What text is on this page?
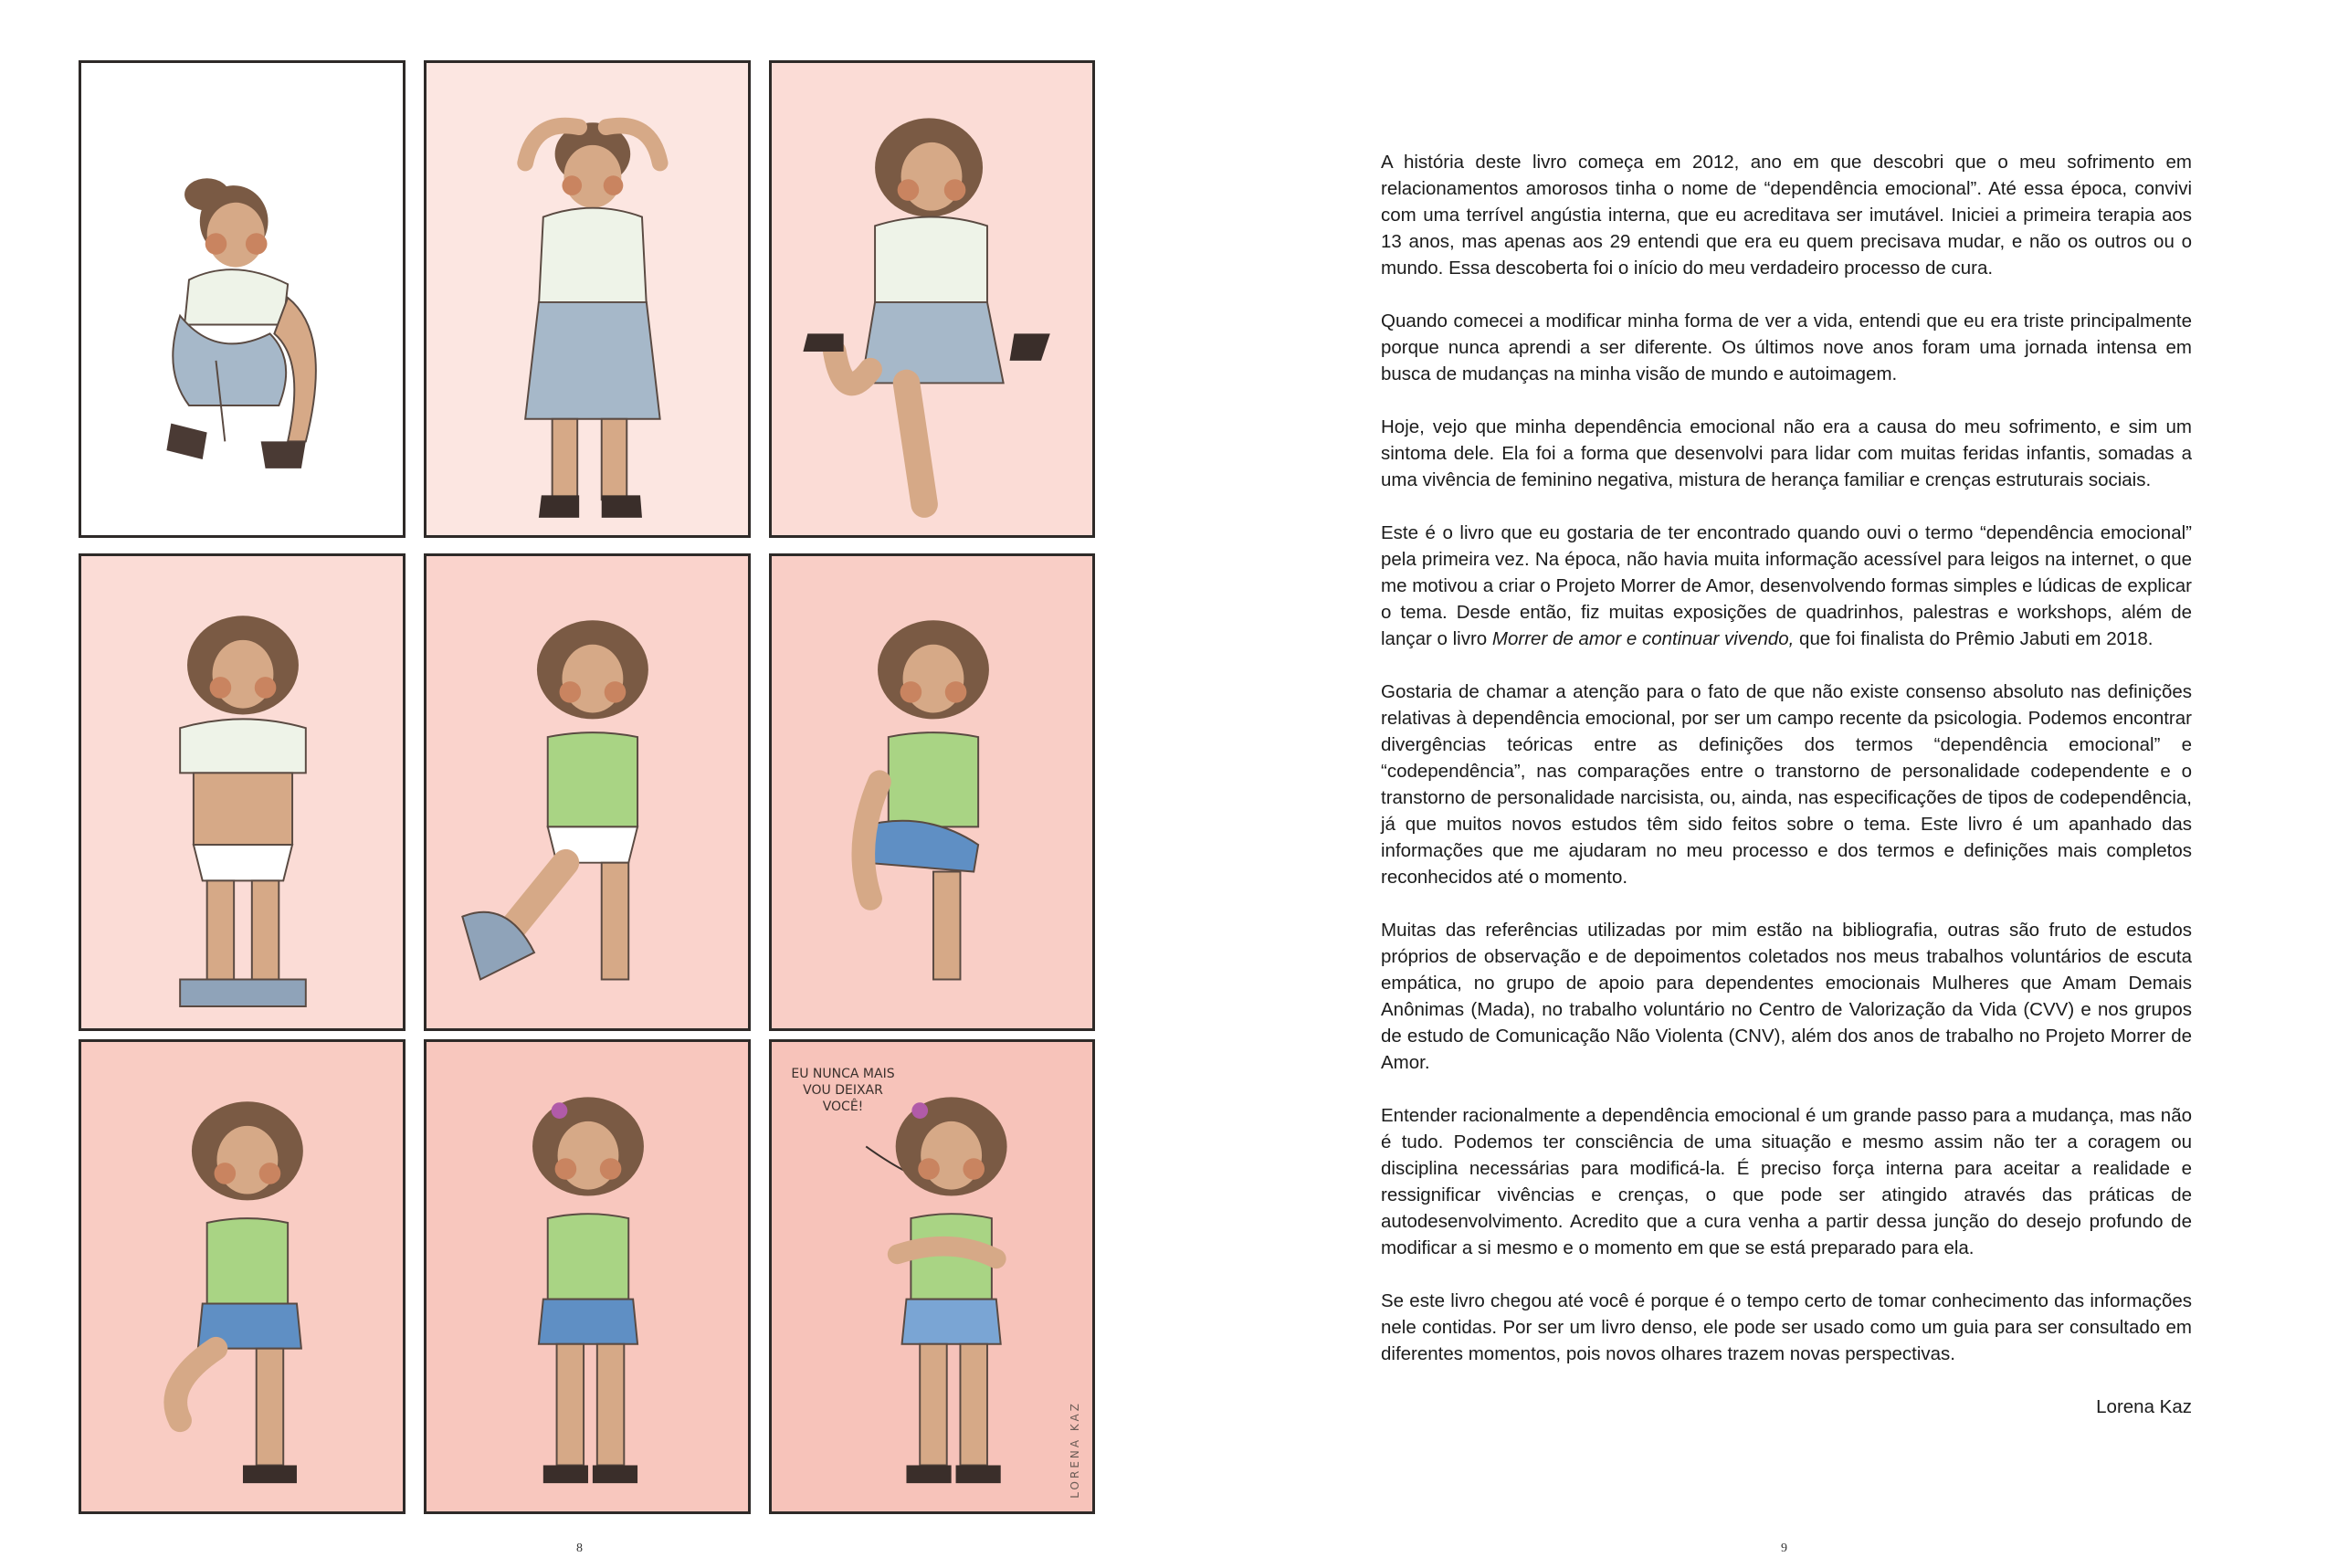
EU NUNCA MAIS VOU DEIXAR VOCÊ!
LORENA KAZ
8

A história deste livro começa em 2012, ano em que descobri que o meu sofrimento em relacionamentos amorosos tinha o nome de “dependência emocional”. Até essa época, convivi com uma terrível angústia interna, que eu acreditava ser imutável. Iniciei a primeira terapia aos 13 anos, mas apenas aos 29 entendi que era eu quem precisava mudar, e não os outros ou o mundo. Essa descoberta foi o início do meu verdadeiro processo de cura.

Quando comecei a modificar minha forma de ver a vida, entendi que eu era triste principalmente porque nunca aprendi a ser diferente. Os últimos nove anos foram uma jornada intensa em busca de mudanças na minha visão de mundo e autoimagem.

Hoje, vejo que minha dependência emocional não era a causa do meu sofrimento, e sim um sintoma dele. Ela foi a forma que desenvolvi para lidar com muitas feridas infantis, somadas a uma vivência de feminino negativa, mistura de herança familiar e crenças estruturais sociais.

Este é o livro que eu gostaria de ter encontrado quando ouvi o termo “dependência emocional” pela primeira vez. Na época, não havia muita informação acessível para leigos na internet, o que me motivou a criar o Projeto Morrer de Amor, desenvolvendo formas simples e lúdicas de explicar o tema. Desde então, fiz muitas exposições de quadrinhos, palestras e workshops, além de lançar o livro Morrer de amor e continuar vivendo, que foi finalista do Prêmio Jabuti em 2018.

Gostaria de chamar a atenção para o fato de que não existe consenso absoluto nas definições relativas à dependência emocional, por ser um campo recente da psicologia. Podemos encontrar divergências teóricas entre as definições dos termos “dependência emocional” e “codependência”, nas comparações entre o transtorno de personalidade codependente e o transtorno de personalidade narcisista, ou, ainda, nas especificações de tipos de codependência, já que muitos novos estudos têm sido feitos sobre o tema. Este livro é um apanhado das informações que me ajudaram no meu processo e dos termos e definições mais completos reconhecidos até o momento.

Muitas das referências utilizadas por mim estão na bibliografia, outras são fruto de estudos próprios de observação e de depoimentos coletados nos meus trabalhos voluntários de escuta empática, no grupo de apoio para dependentes emocionais Mulheres que Amam Demais Anônimas (Mada), no trabalho voluntário no Centro de Valorização da Vida (CVV) e nos grupos de estudo de Comunicação Não Violenta (CNV), além dos anos de trabalho no Projeto Morrer de Amor.

Entender racionalmente a dependência emocional é um grande passo para a mudança, mas não é tudo. Podemos ter consciência de uma situação e mesmo assim não ter a coragem ou disciplina necessárias para modificá-la. É preciso força interna para aceitar a realidade e ressignificar vivências e crenças, o que pode ser atingido através das práticas de autodesenvolvimento. Acredito que a cura venha a partir dessa junção do desejo profundo de modificar a si mesmo e o momento em que se está preparado para ela.

Se este livro chegou até você é porque é o tempo certo de tomar conhecimento das informações nele contidas. Por ser um livro denso, ele pode ser usado como um guia para ser consultado em diferentes momentos, pois novos olhares trazem novas perspectivas.

Lorena Kaz

9
